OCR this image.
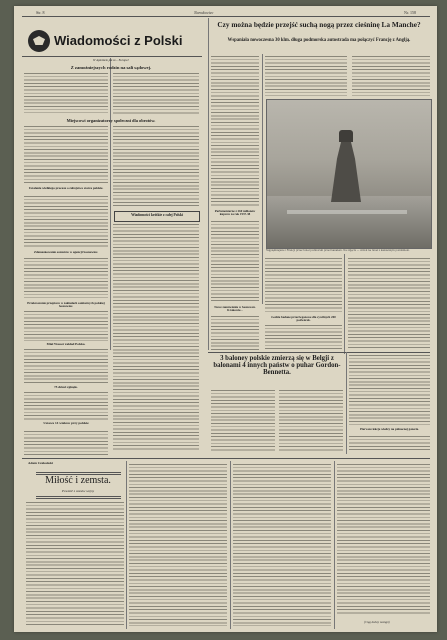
Str. 8	Narodowiec	Nr. 158
Wiadomości z Polski
Czy można będzie przejść suchą nogą przez cieśninę La Manche?
Wspaniała nowoczesna 30 klm. długa podmorska autostrada ma połączyć Francję z Anglją.
W Apteekem jak se... Europa?
Z zamożniejszych rodzin na sali sądowej.
Miejscowi organizatorzy społeczni dla obrotów.
Ustalenie wielkiego procesu o zabójstwo starca polskie.
Zdemaskowanie oszustów w agencji Sosnowiec.
Przekroczenie przepisów w zakładach sanitarnych polskiej Sosnowiec.
Miał Wasser zakład Polska.
75 dzieci zginęło.
Ustawa 14 wieków przy polskie
Wiadomości krótkie z całej Polski
Parlamentarne z 260 milionów kupców za rok 1937-38
Nowe zamówienia w Sosnowcu. Krakowie...
Najpiękniejsza z Francji przez tunel podmorski przed kanałem. Na zdjęciu — widok na tunel z kamiennym pomnikiem.
Łodzie badane przeciwgazowe dla cywilnych 200 podwórek.
3 baloney polskie zmierzą się w Belgji z balonami 4 innych państw o puhar Gordon-Bennetta.
Pierwsze lekcje wiedzy na północnej gazecie.
Adam Czekański
Miłość i zemsta.
Powieść z czasów wojny
(Ciąg dalszy nastąpi)
